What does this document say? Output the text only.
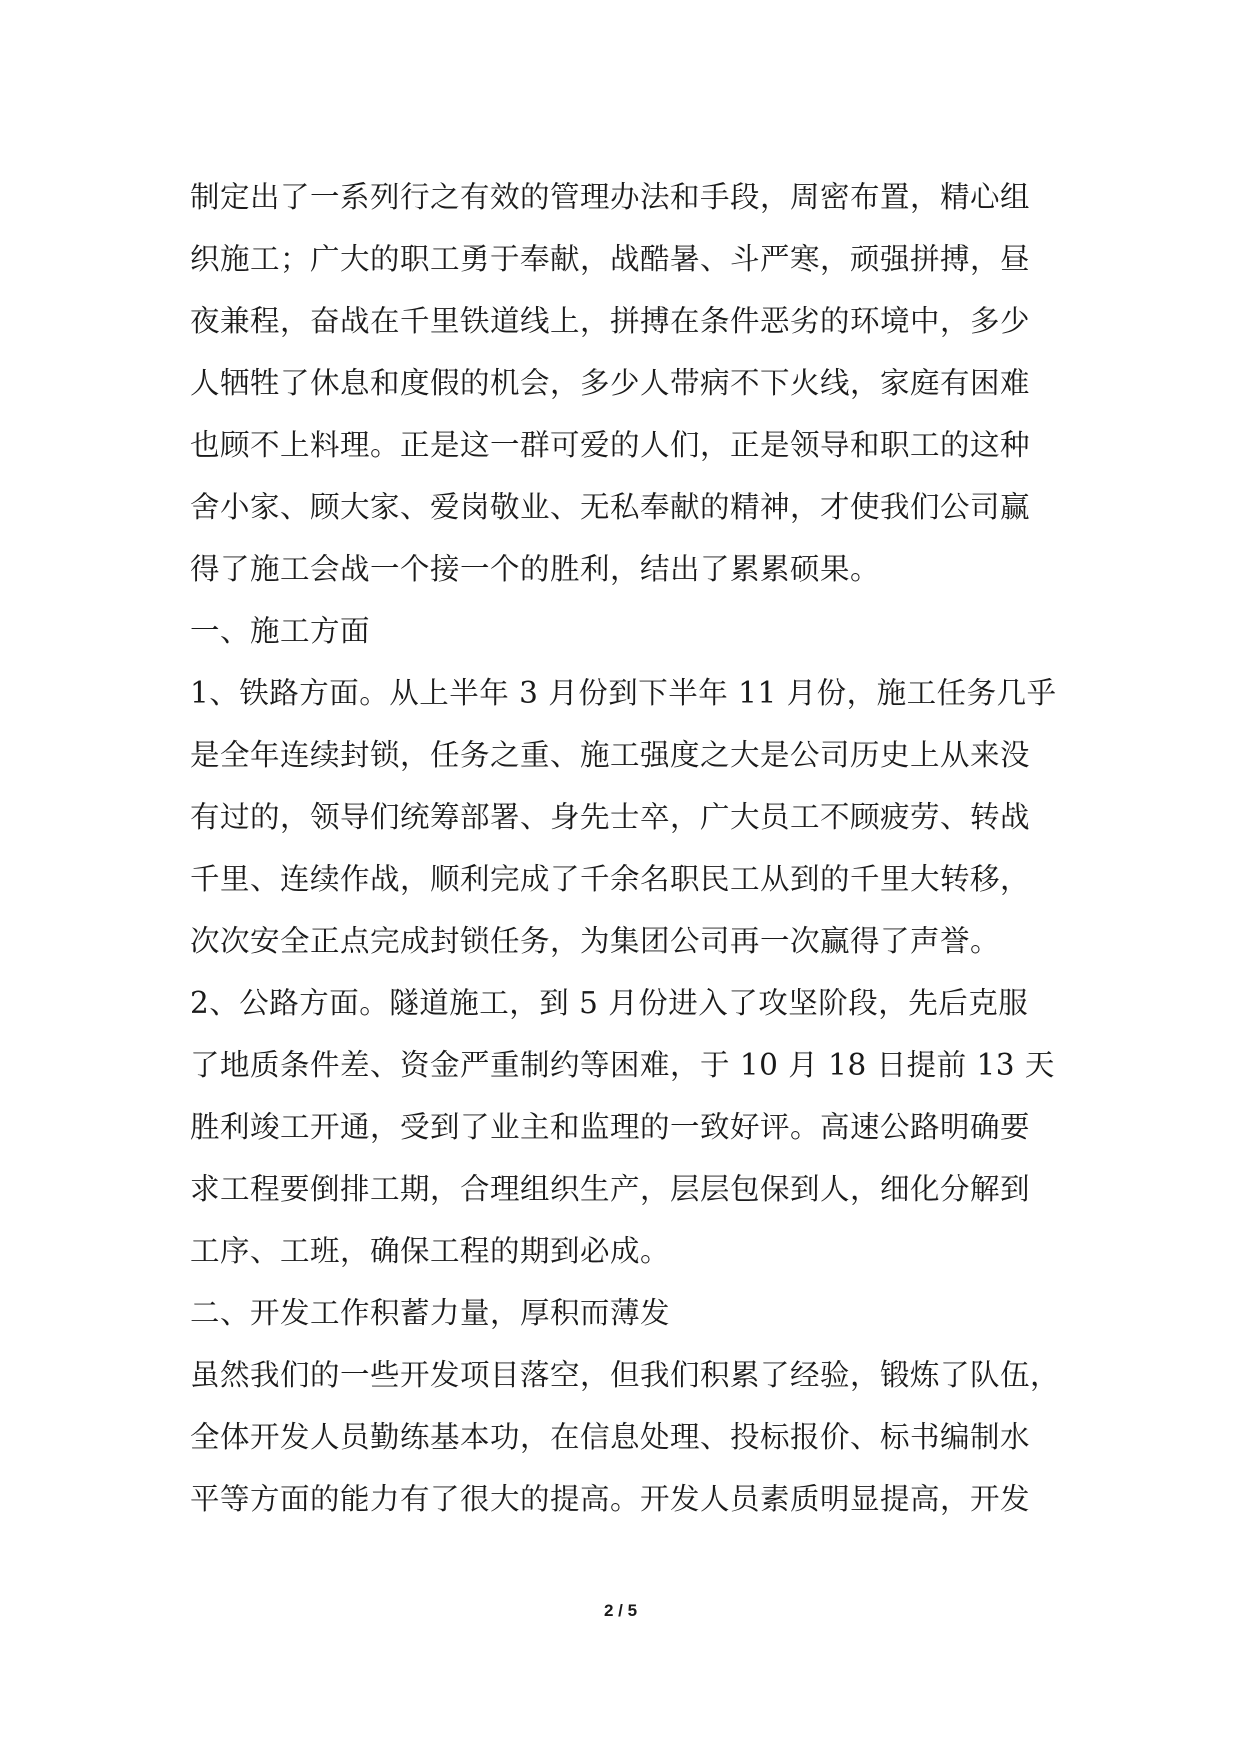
制定出了一系列行之有效的管理办法和手段，周密布置，精心组
织施工；广大的职工勇于奉献，战酷暑、斗严寒，顽强拼搏，昼
夜兼程，奋战在千里铁道线上，拼搏在条件恶劣的环境中，多少
人牺牲了休息和度假的机会，多少人带病不下火线，家庭有困难
也顾不上料理。正是这一群可爱的人们，正是领导和职工的这种
舍小家、顾大家、爱岗敬业、无私奉献的精神，才使我们公司赢
得了施工会战一个接一个的胜利，结出了累累硕果。
一、施工方面
1、铁路方面。从上半年 3 月份到下半年 11 月份，施工任务几乎
是全年连续封锁，任务之重、施工强度之大是公司历史上从来没
有过的，领导们统筹部署、身先士卒，广大员工不顾疲劳、转战
千里、连续作战，顺利完成了千余名职民工从到的千里大转移，
次次安全正点完成封锁任务，为集团公司再一次赢得了声誉。
2、公路方面。隧道施工，到 5 月份进入了攻坚阶段，先后克服
了地质条件差、资金严重制约等困难，于 10 月 18 日提前 13 天
胜利竣工开通，受到了业主和监理的一致好评。高速公路明确要
求工程要倒排工期，合理组织生产，层层包保到人，细化分解到
工序、工班，确保工程的期到必成。
二、开发工作积蓄力量，厚积而薄发
虽然我们的一些开发项目落空，但我们积累了经验，锻炼了队伍，
全体开发人员勤练基本功，在信息处理、投标报价、标书编制水
平等方面的能力有了很大的提高。开发人员素质明显提高，开发
2 / 5
